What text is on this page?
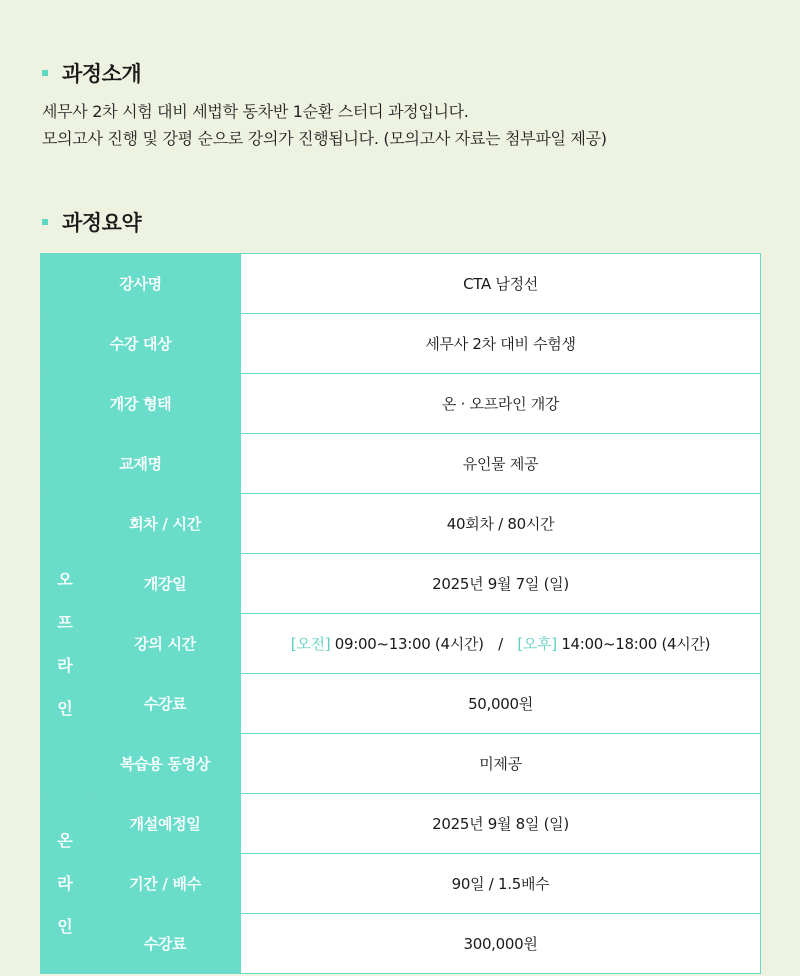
과정소개
세무사 2차 시험 대비 세법학 동차반 1순환 스터디 과정입니다.
모의고사 진행 및 강평 순으로 강의가 진행됩니다. (모의고사 자료는 첨부파일 제공)
과정요약
강사명		CTA 남정선
수강 대상		세무사 2차 대비 수험생
개강 형태		온 · 오프라인 개강
교재명		유인물 제공

오
프
라
인	회차 / 시간	40회차 / 80시간
	개강일	2025년 9월 7일 (일)
	강의 시간	[오전] 09:00~13:00 (4시간) / [오후] 14:00~18:00 (4시간)
	수강료	50,000원
	복습용 동영상	미제공

온
라
인	개설예정일	2025년 9월 8일 (일)
	기간 / 배수	90일 / 1.5배수
	수강료	300,000원
